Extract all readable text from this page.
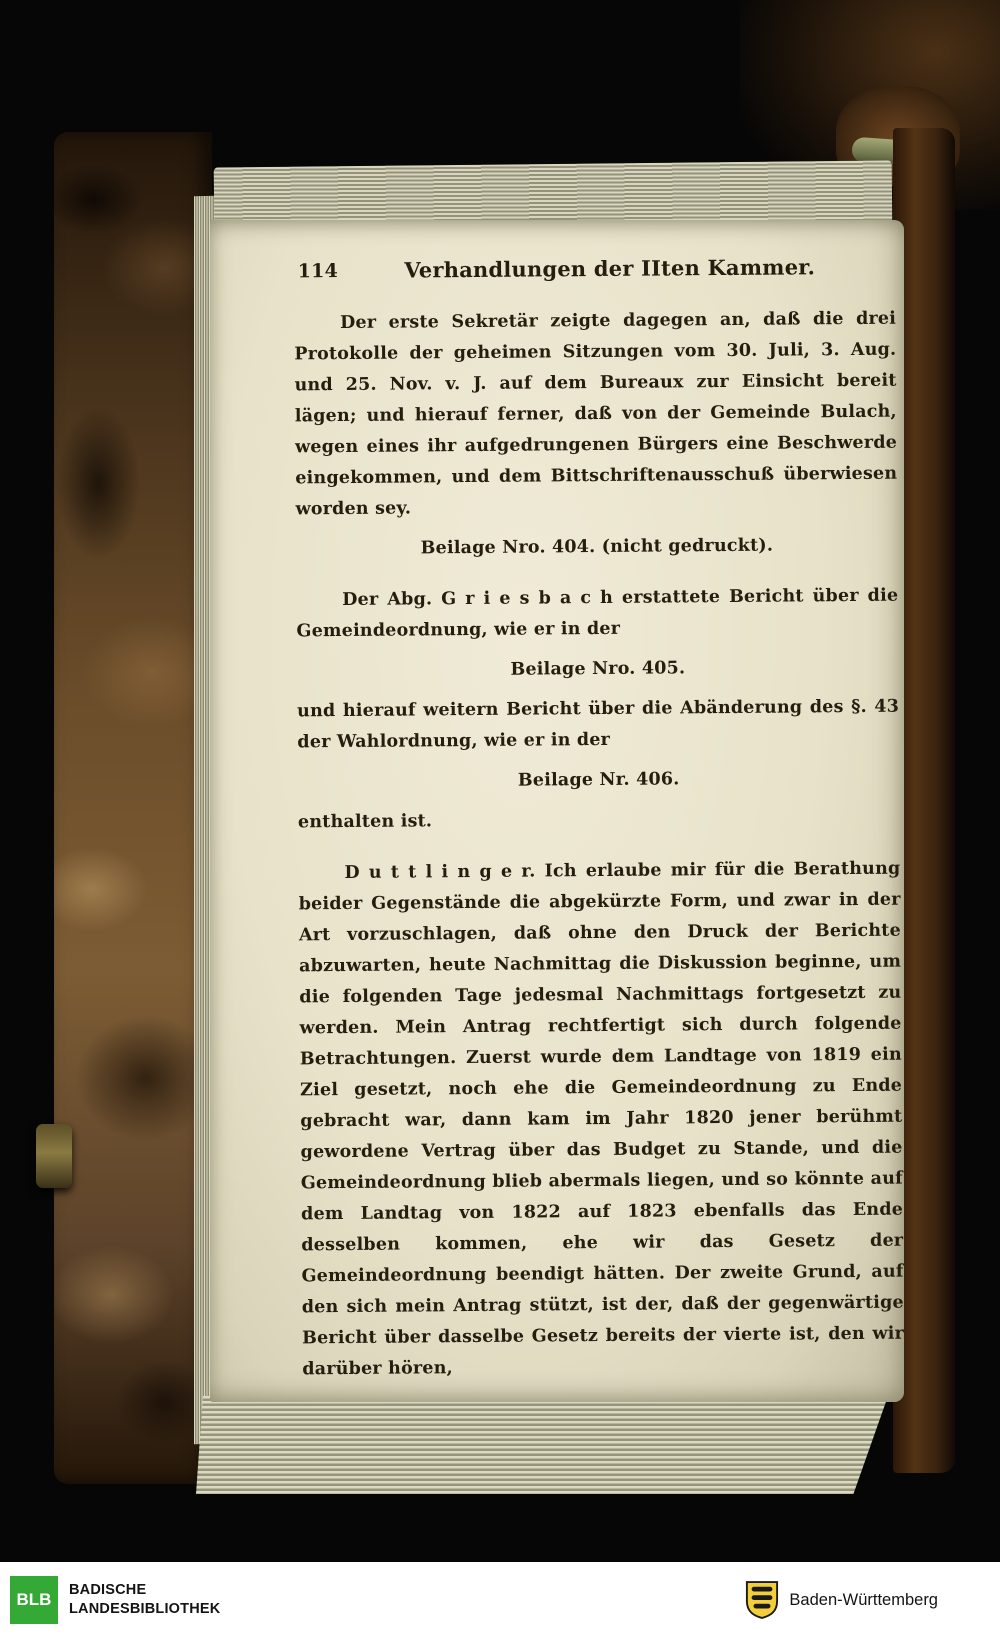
114	Verhandlungen der IIten Kammer.

Der erste Sekretär zeigte dagegen an, daß die drei Protokolle der geheimen Sitzungen vom 30. Juli, 3. Aug. und 25. Nov. v. J. auf dem Bureaux zur Einsicht bereit lägen; und hierauf ferner, daß von der Gemeinde Bulach, wegen eines ihr aufgedrungenen Bürgers eine Beschwerde eingekommen, und dem Bittschriftenausschuß überwiesen worden sey.

Beilage Nro. 404. (nicht gedruckt).

Der Abg. G r i e s b a c h erstattete Bericht über die Gemeindeordnung, wie er in der

Beilage Nro. 405.

und hierauf weitern Bericht über die Abänderung des §. 43 der Wahlordnung, wie er in der

Beilage Nr. 406.

enthalten ist.

D u t t l i n g e r. Ich erlaube mir für die Berathung beider Gegenstände die abgekürzte Form, und zwar in der Art vorzuschlagen, daß ohne den Druck der Berichte abzuwarten, heute Nachmittag die Diskussion beginne, um die folgenden Tage jedesmal Nachmittags fortgesetzt zu werden. Mein Antrag rechtfertigt sich durch folgende Betrachtungen. Zuerst wurde dem Landtage von 1819 ein Ziel gesetzt, noch ehe die Gemeindeordnung zu Ende gebracht war, dann kam im Jahr 1820 jener berühmt gewordene Vertrag über das Budget zu Stande, und die Gemeindeordnung blieb abermals liegen, und so könnte auf dem Landtag von 1822 auf 1823 ebenfalls das Ende desselben kommen, ehe wir das Gesetz der Gemeindeordnung beendigt hätten. Der zweite Grund, auf den sich mein Antrag stützt, ist der, daß der gegenwärtige Bericht über dasselbe Gesetz bereits der vierte ist, den wir darüber hören,

BLB	BADISCHE
LANDESBIBLIOTHEK
Baden-Württemberg
